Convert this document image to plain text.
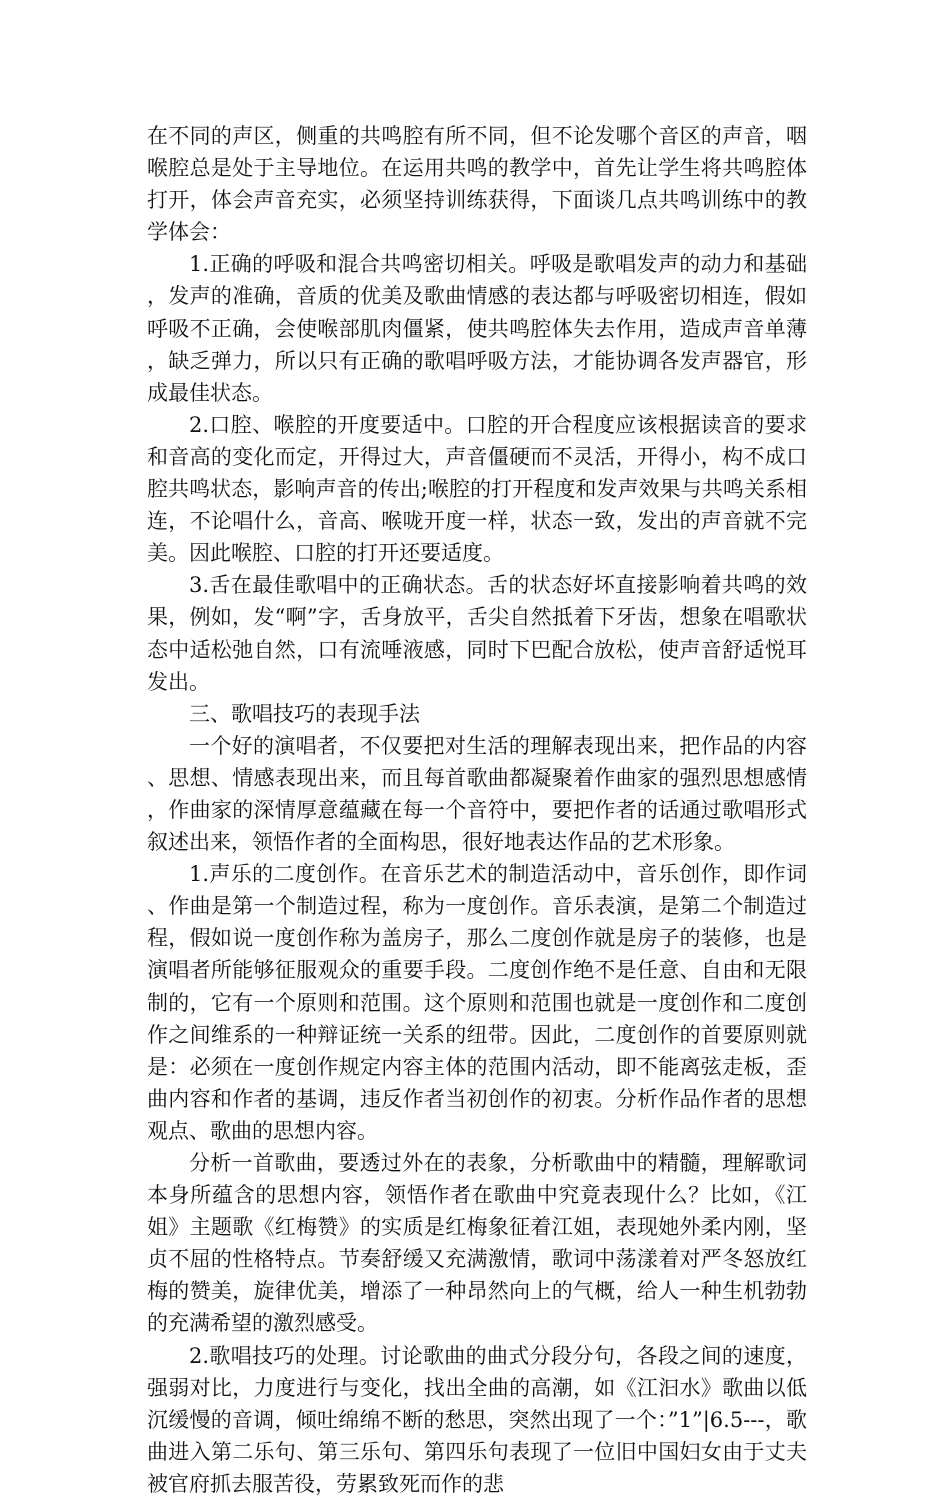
在不同的声区，侧重的共鸣腔有所不同，但不论发哪个音区的声音，咽喉腔总是处于主导地位。在运用共鸣的教学中，首先让学生将共鸣腔体打开，体会声音充实，必须坚持训练获得，下面谈几点共鸣训练中的教学体会：

1.正确的呼吸和混合共鸣密切相关。呼吸是歌唱发声的动力和基础，发声的准确，音质的优美及歌曲情感的表达都与呼吸密切相连，假如呼吸不正确，会使喉部肌肉僵紧，使共鸣腔体失去作用，造成声音单薄，缺乏弹力，所以只有正确的歌唱呼吸方法，才能协调各发声器官，形成最佳状态。

2.口腔、喉腔的开度要适中。口腔的开合程度应该根据读音的要求和音高的变化而定，开得过大，声音僵硬而不灵活，开得小，构不成口腔共鸣状态，影响声音的传出;喉腔的打开程度和发声效果与共鸣关系相连，不论唱什么，音高、喉咙开度一样，状态一致，发出的声音就不完美。因此喉腔、口腔的打开还要适度。

3.舌在最佳歌唱中的正确状态。舌的状态好坏直接影响着共鸣的效果，例如，发“啊”字，舌身放平，舌尖自然抵着下牙齿，想象在唱歌状态中适松弛自然，口有流唾液感，同时下巴配合放松，使声音舒适悦耳发出。

三、歌唱技巧的表现手法

一个好的演唱者，不仅要把对生活的理解表现出来，把作品的内容、思想、情感表现出来，而且每首歌曲都凝聚着作曲家的强烈思想感情，作曲家的深情厚意蕴藏在每一个音符中，要把作者的话通过歌唱形式叙述出来，领悟作者的全面构思，很好地表达作品的艺术形象。

1.声乐的二度创作。在音乐艺术的制造活动中，音乐创作，即作词、作曲是第一个制造过程，称为一度创作。音乐表演，是第二个制造过程，假如说一度创作称为盖房子，那么二度创作就是房子的装修，也是演唱者所能够征服观众的重要手段。二度创作绝不是任意、自由和无限制的，它有一个原则和范围。这个原则和范围也就是一度创作和二度创作之间维系的一种辩证统一关系的纽带。因此，二度创作的首要原则就是：必须在一度创作规定内容主体的范围内活动，即不能离弦走板，歪曲内容和作者的基调，违反作者当初创作的初衷。分析作品作者的思想观点、歌曲的思想内容。

分析一首歌曲，要透过外在的表象，分析歌曲中的精髓，理解歌词本身所蕴含的思想内容，领悟作者在歌曲中究竟表现什么？比如，《江姐》主题歌《红梅赞》的实质是红梅象征着江姐，表现她外柔内刚，坚贞不屈的性格特点。节奏舒缓又充满激情，歌词中荡漾着对严冬怒放红梅的赞美，旋律优美，增添了一种昂然向上的气概，给人一种生机勃勃的充满希望的激烈感受。

2.歌唱技巧的处理。讨论歌曲的曲式分段分句，各段之间的速度，强弱对比，力度进行与变化，找出全曲的高潮，如《江汩水》歌曲以低沉缓慢的音调，倾吐绵绵不断的愁思，突然出现了一个：”1”|6.5---，歌曲进入第二乐句、第三乐句、第四乐句表现了一位旧中国妇女由于丈夫被官府抓去服苦役，劳累致死而作的悲
